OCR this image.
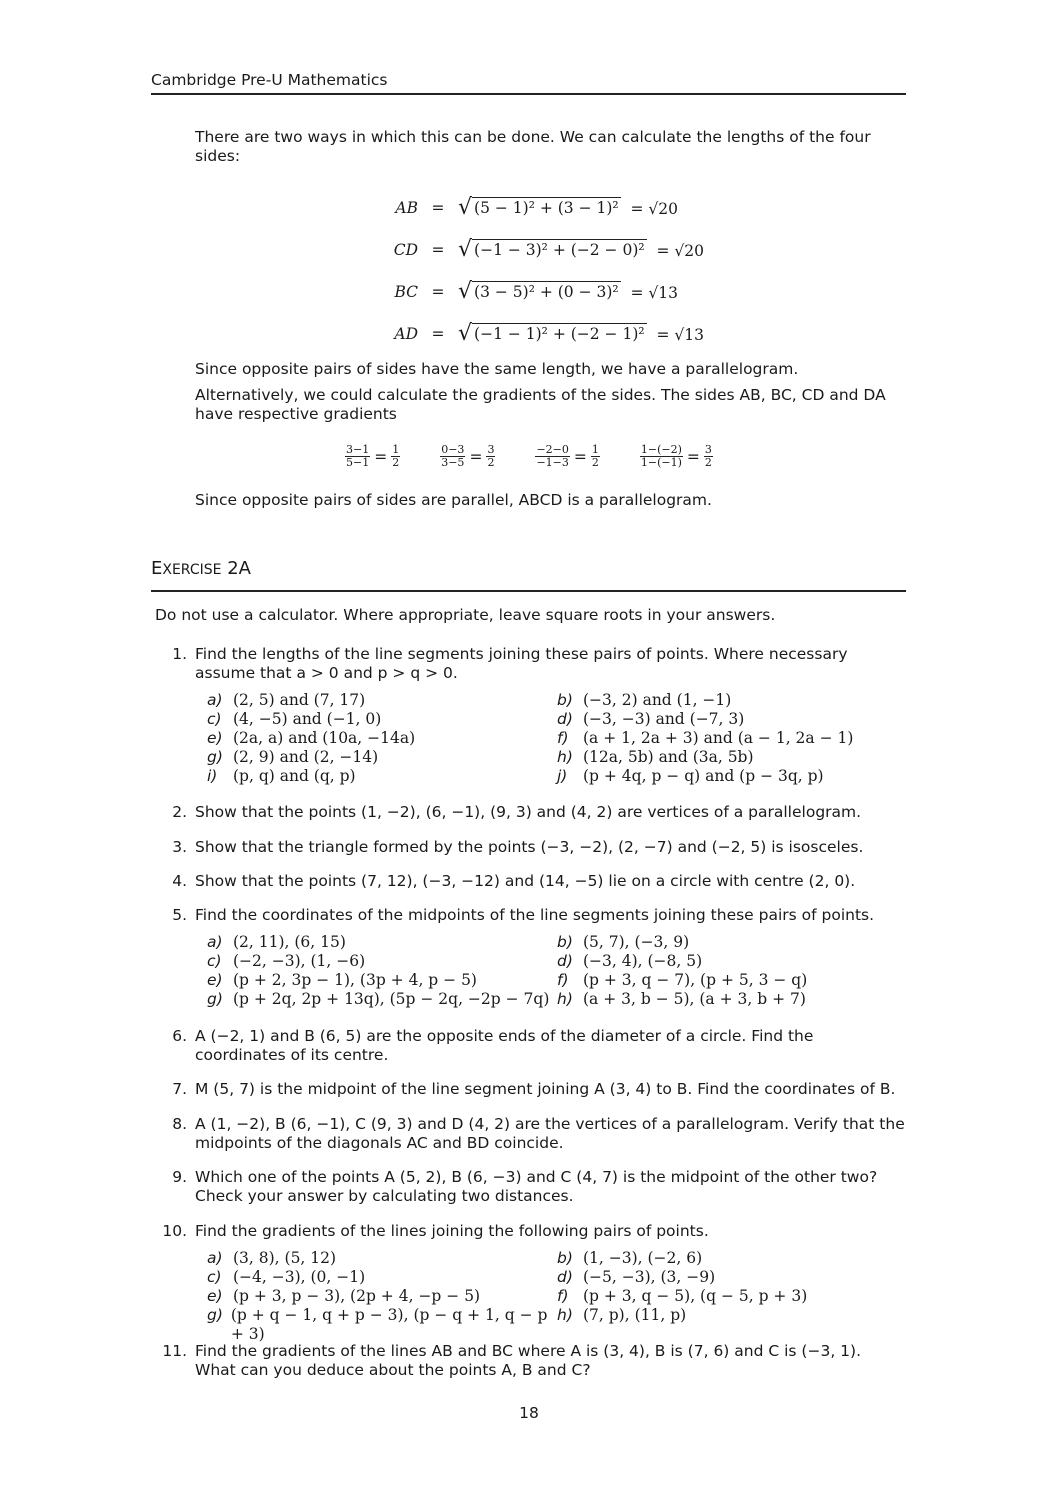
Cambridge Pre-U Mathematics
There are two ways in which this can be done. We can calculate the lengths of the four sides:
AB	=	√ (5 − 1)² + (3 − 1)² = √20
CD	=	√ (−1 − 3)² + (−2 − 0)² = √20
BC	=	√ (3 − 5)² + (0 − 3)² = √13
AD	=	√ (−1 − 1)² + (−2 − 1)² = √13
Since opposite pairs of sides have the same length, we have a parallelogram.
Alternatively, we could calculate the gradients of the sides. The sides AB, BC, CD and DA have respective gradients
$\frac{3-1}{5-1} = \frac{1}{2}$	$\frac{0-3}{3-5} = \frac{3}{2}$	$\frac{-2-0}{-1-3} = \frac{1}{2}$	$\frac{1-(-2)}{1-(-1)} = \frac{3}{2}$
Since opposite pairs of sides are parallel, ABCD is a parallelogram.
EXERCISE 2A
Do not use a calculator. Where appropriate, leave square roots in your answers.
1. Find the lengths of the line segments joining these pairs of points. Where necessary assume that a > 0 and p > q > 0.
a) (2, 5) and (7, 17)	b) (−3, 2) and (1, −1)
c) (4, −5) and (−1, 0)	d) (−3, −3) and (−7, 3)
e) (2a, a) and (10a, −14a)	f) (a + 1, 2a + 3) and (a − 1, 2a − 1)
g) (2, 9) and (2, −14)	h) (12a, 5b) and (3a, 5b)
i)	(p, q) and (q, p)	j)	(p + 4q, p − q) and (p − 3q, p)
2. Show that the points (1, −2), (6, −1), (9, 3) and (4, 2) are vertices of a parallelogram.
3. Show that the triangle formed by the points (−3, −2), (2, −7) and (−2, 5) is isosceles.
4. Show that the points (7, 12), (−3, −12) and (14, −5) lie on a circle with centre (2, 0).
5. Find the coordinates of the midpoints of the line segments joining these pairs of points.
a) (2, 11), (6, 15)	b) (5, 7), (−3, 9)
c) (−2, −3), (1, −6)	d) (−3, 4), (−8, 5)
e) (p + 2, 3p − 1), (3p + 4, p − 5)	f) (p + 3, q − 7), (p + 5, 3 − q)
g) (p + 2q, 2p + 13q), (5p − 2q, −2p − 7q) h) (a + 3, b − 5), (a + 3, b + 7)
6. A (−2, 1) and B (6, 5) are the opposite ends of the diameter of a circle. Find the coordinates of its centre.
7. M (5, 7) is the midpoint of the line segment joining A (3, 4) to B. Find the coordinates of B.
8. A (1, −2), B (6, −1), C (9, 3) and D (4, 2) are the vertices of a parallelogram. Verify that the midpoints of the diagonals AC and BD coincide.
9. Which one of the points A (5, 2), B (6, −3) and C (4, 7) is the midpoint of the other two? Check your answer by calculating two distances.
10. Find the gradients of the lines joining the following pairs of points.
a) (3, 8), (5, 12)	b) (1, −3), (−2, 6)
c) (−4, −3), (0, −1)	d) (−5, −3), (3, −9)
e) (p + 3, p − 3), (2p + 4, −p − 5)	f) (p + 3, q − 5), (q − 5, p + 3)
g) (p + q − 1, q + p − 3), (p − q + 1, q − p + 3)
h) (7, p), (11, p)
11. Find the gradients of the lines AB and BC where A is (3, 4), B is (7, 6) and C is (−3, 1). What can you deduce about the points A, B and C?
18
